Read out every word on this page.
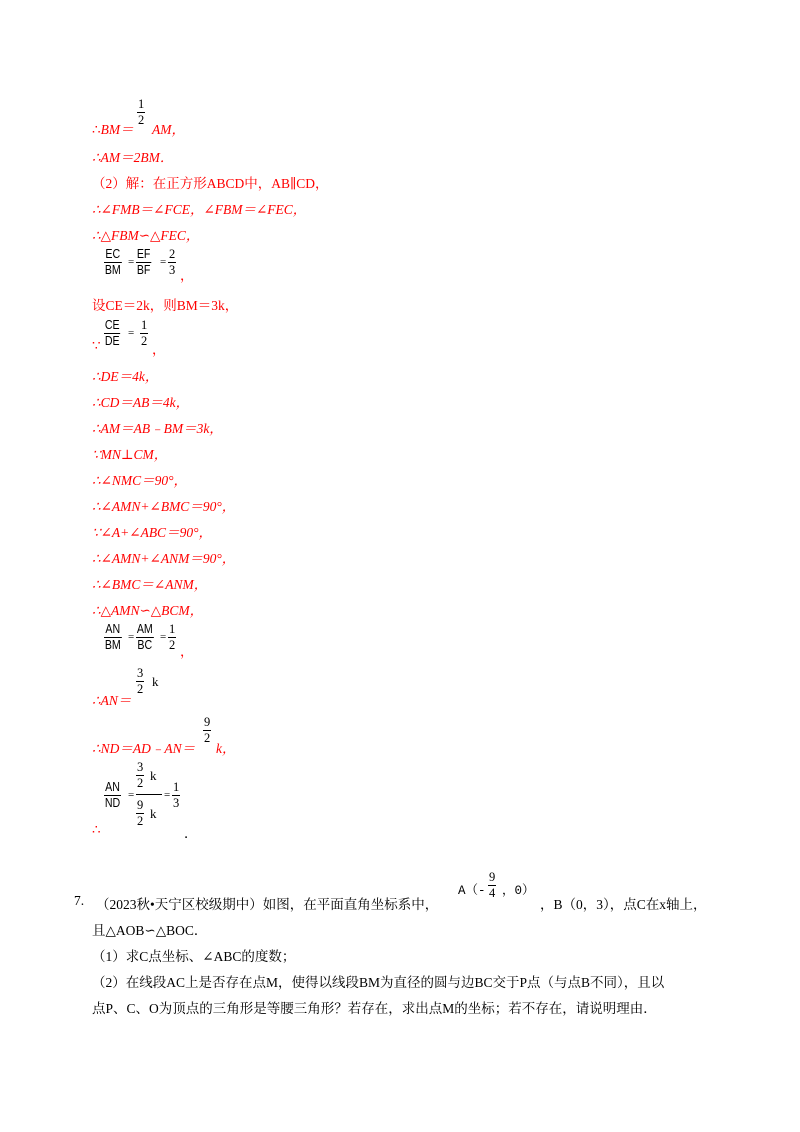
∴BM＝
$\frac{1}{2}$
AM，
∴AM＝2BM．
（2）解：在正方形ABCD中，AB∥CD，
∴∠FMB＝∠FCE，∠FBM＝∠FEC，
∴△FBM∽△FEC，
$\frac{EC}{BM} = \frac{EF}{BF} = \frac{2}{3}$ ，
设CE＝2k，则BM＝3k，
$\frac{CE}{DE} = \frac{1}{2}$
∵	，
∴DE＝4k，
∴CD＝AB＝4k，
∴AM＝AB﹣BM＝3k，
∵MN⊥CM，
∴∠NMC＝90°，
∴∠AMN+∠BMC＝90°，
∵∠A+∠ABC＝90°，
∴∠AMN+∠ANM＝90°，
∴∠BMC＝∠ANM，
∴△AMN∽△BCM，
$\frac{AN}{BM} = \frac{AM}{BC} = \frac{1}{2}$ ，
∴AN＝
$\frac{3}{2}$ k
∴ND＝AD﹣AN＝
$\frac{9}{2}$
k，
$\frac{AN}{ND}$ =
$\frac{3}{2}$ k
$\frac{9}{2}$ k
= $\frac{1}{3}$
∴	．
7. （2023秋•天宁区校级期中）如图，在平面直角坐标系中，
$A(- \frac{9}{4}$ ，0）
，B（0，3），点C在x轴上，
且△AOB∽△BOC．
（1）求C点坐标、∠ABC的度数；
（2）在线段AC上是否存在点M，使得以线段BM为直径的圆与边BC交于P点（与点B不同），且以
点P、C、O为顶点的三角形是等腰三角形？若存在，求出点M的坐标；若不存在，请说明理由．
